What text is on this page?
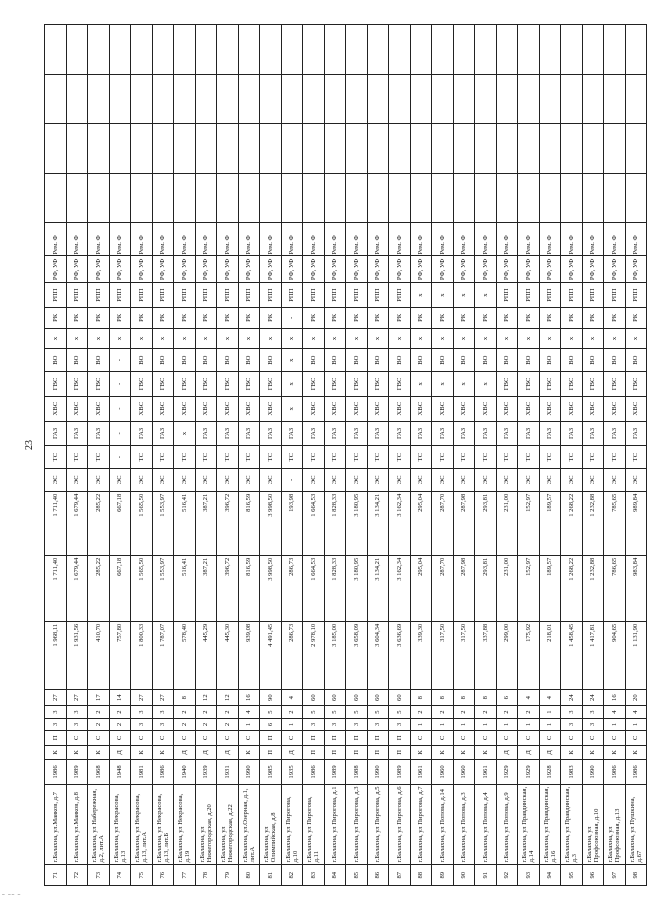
23
71	г.Балахна, ул.Маяков, д.7	1986	К	П	3	3	27	1 968,11	1 711,40	1 711,40	ЭС	ТС	ГАЗ	ХВС	ГВС	ВО	х	РК	РПП	РФ, УФ	Рем. Ф				
72	г.Балахна, ул.Маяков, д.8	1989	К	С	3	3	27	1 931,56	1 679,44	1 679,44	ЭС	ТС	ГАЗ	ХВС	ГВС	ВО	х	РК	РПП	РФ, УФ	Рем. Ф				
73	г.Балахна, ул Набережная, д.2, лит.А	1968	К	С	2	2	17	410,70	285,22	285,22	ЭС	ТС	ГАЗ	ХВС	ГВС	ВО	х	РК	РПП	РФ, УФ	Рем. Ф				
74	г.Балахна, ул Некрасова, д.13	1948	Д	С	2	2	14	757,80	667,18	667,18	ЭС	-	-	-	-	-	х	РК	РПП	РФ, УФ	Рем. Ф				
75	г.Балахна, ул Некрасова, д.13, лит.А	1981	К	С	3	3	27	1 800,33	1 565,50	1 565,50	ЭС	ТС	ГАЗ	ХВС	ГВС	ВО	х	РК	РПП	РФ, УФ	Рем. Ф				
76	г.Балахна, ул Некрасова, д.13, лит.Б	1986	К	С	3	3	27	1 787,07	1 553,97	1 553,97	ЭС	ТС	ГАЗ	ХВС	ГВС	ВО	х	РК	РПП	РФ, УФ	Рем. Ф				
77	г.Балахна, ул Некрасова, д.19	1940	Д	С	2	2	8	578,40	516,41	516,41	ЭС	ТС	х	ХВС	ГВС	ВО	х	РК	РПП	РФ, УФ	Рем. Ф				
78	г.Балахна, ул Нижегородская, д.20	1939	Д	С	2	2	12	445,29	387,21	387,21	ЭС	ТС	ГАЗ	ХВС	ГВС	ВО	х	РК	РПП	РФ, УФ	Рем. Ф				
79	г.Балахна, ул Нижегородская, д.22	1931	Д	С	2	2	12	445,30	396,72	396,72	ЭС	ТС	ГАЗ	ХВС	ГВС	ВО	х	РК	РПП	РФ, УФ	Рем. Ф				
80	г.Балахна, ул.Озерная, д.1, лит.А	1990	К	С	1	4	16	939,08	816,59	816,59	ЭС	ТС	ГАЗ	ХВС	ГВС	ВО	х	РК	РПП	РФ, УФ	Рем. Ф				
81	г.Балахна, ул Олимпийская, д.8	1985	П	П	6	5	90	4 491,45	3 998,50	3 998,50	ЭС	ТС	ГАЗ	ХВС	ГВС	ВО	х	РК	РПП	РФ, УФ	Рем. Ф				
82	г.Балахна, ул Пирогова, д.10	1935	Д	С	1	2	4	286,73	286,73	193,98	-	ТС	ГАЗ	х	х	х	х	-	РПП	РФ, УФ	Рем. Ф				
83	г.Балахна, ул Пирогова, д.11	1986	П	П	3	5	60	2 978,10	1 664,53	1 664,53	ЭС	ТС	ГАЗ	ХВС	ГВС	ВО	х	РК	РПП	РФ, УФ	Рем. Ф				
84	г.Балахна, ул Пирогова, д.1	1989	П	П	3	5	60	3 185,00	1 828,33	1 828,33	ЭС	ТС	ГАЗ	ХВС	ГВС	ВО	х	РК	РПП	РФ, УФ	Рем. Ф				
85	г.Балахна, ул Пирогова, д.3	1988	П	П	3	5	60	3 658,09	3 180,95	3 180,95	ЭС	ТС	ГАЗ	ХВС	ГВС	ВО	х	РК	РПП	РФ, УФ	Рем. Ф				
86	г.Балахна, ул Пирогова, д.5	1990	П	П	3	5	60	3 604,34	3 134,21	3 134,21	ЭС	ТС	ГАЗ	ХВС	ГВС	ВО	х	РК	РПП	РФ, УФ	Рем. Ф				
87	г.Балахна, ул Пирогова, д.6	1989	П	П	3	5	60	3 636,69	3 162,34	3 162,34	ЭС	ТС	ГАЗ	ХВС	ГВС	ВО	х	РК	РПП	РФ, УФ	Рем. Ф				
88	г.Балахна, ул Пирогова, д.7	1961	К	С	1	2	8	339,30	295,04	295,04	ЭС	ТС	ГАЗ	ХВС	х	ВО	х	РК	х	РФ, УФ	Рем. Ф				
89	г.Балахна, ул Попова, д.14	1960	К	С	1	2	8	317,50	287,70	287,70	ЭС	ТС	ГАЗ	ХВС	х	ВО	х	РК	х	РФ, УФ	Рем. Ф				
90	г.Балахна, ул Попова, д.3	1960	К	С	1	2	8	317,50	287,98	287,98	ЭС	ТС	ГАЗ	ХВС	х	ВО	х	РК	х	РФ, УФ	Рем. Ф				
91	г.Балахна, ул Попова, д.4	1961	К	С	1	2	8	337,88	293,81	293,81	ЭС	ТС	ГАЗ	ХВС	х	ВО	х	РК	х	РФ, УФ	Рем. Ф				
92	г.Балахна, ул Попова, д.9	1929	Д	С	1	2	6	299,00	231,00	231,00	ЭС	ТС	ГАЗ	ХВС	ГВС	ВО	х	РК	РПП	РФ, УФ	Рем. Ф				
93	г.Балахна, ул Правдинская, д.14	1929	Д	С	1	2	4	175,92	152,97	152,97	ЭС	ТС	ГАЗ	ХВС	ГВС	ВО	х	РК	РПП	РФ, УФ	Рем. Ф				
94	г.Балахна, ул Правдинская, д.16	1928	Д	С	1	1	4	218,01	189,57	189,57	ЭС	ТС	ГАЗ	ХВС	ГВС	ВО	х	РК	РПП	РФ, УФ	Рем. Ф				
95	г.Балахна, ул Правдинская, д.3	1983	К	С	3	3	24	1 458,45	1 268,22	1 268,22	ЭС	ТС	ГАЗ	ХВС	ГВС	ВО	х	РК	РПП	РФ, УФ	Рем. Ф				
96	г.Балахна, ул Профсоюзная, д.10	1990	К	С	3	3	24	1 417,81	1 232,88	1 232,88	ЭС	ТС	ГАЗ	ХВС	ГВС	ВО	х	РК	РПП	РФ, УФ	Рем. Ф				
97	г.Балахна, ул Профсоюзная, д.13	1986	К	С	1	4	16	904,65	786,65	785,65	ЭС	ТС	ГАЗ	ХВС	ГВС	ВО	х	РК	РПП	РФ, УФ	Рем. Ф				
98	г.Балахна, ул Пушкина, д.67	1986	К	С	1	4	20	1 131,90	983,84	989,84	ЭС	ТС	ГАЗ	ХВС	ГВС	ВО	х	РК	РПП	РФ, УФ	Рем. Ф				
~ ~~ ~
